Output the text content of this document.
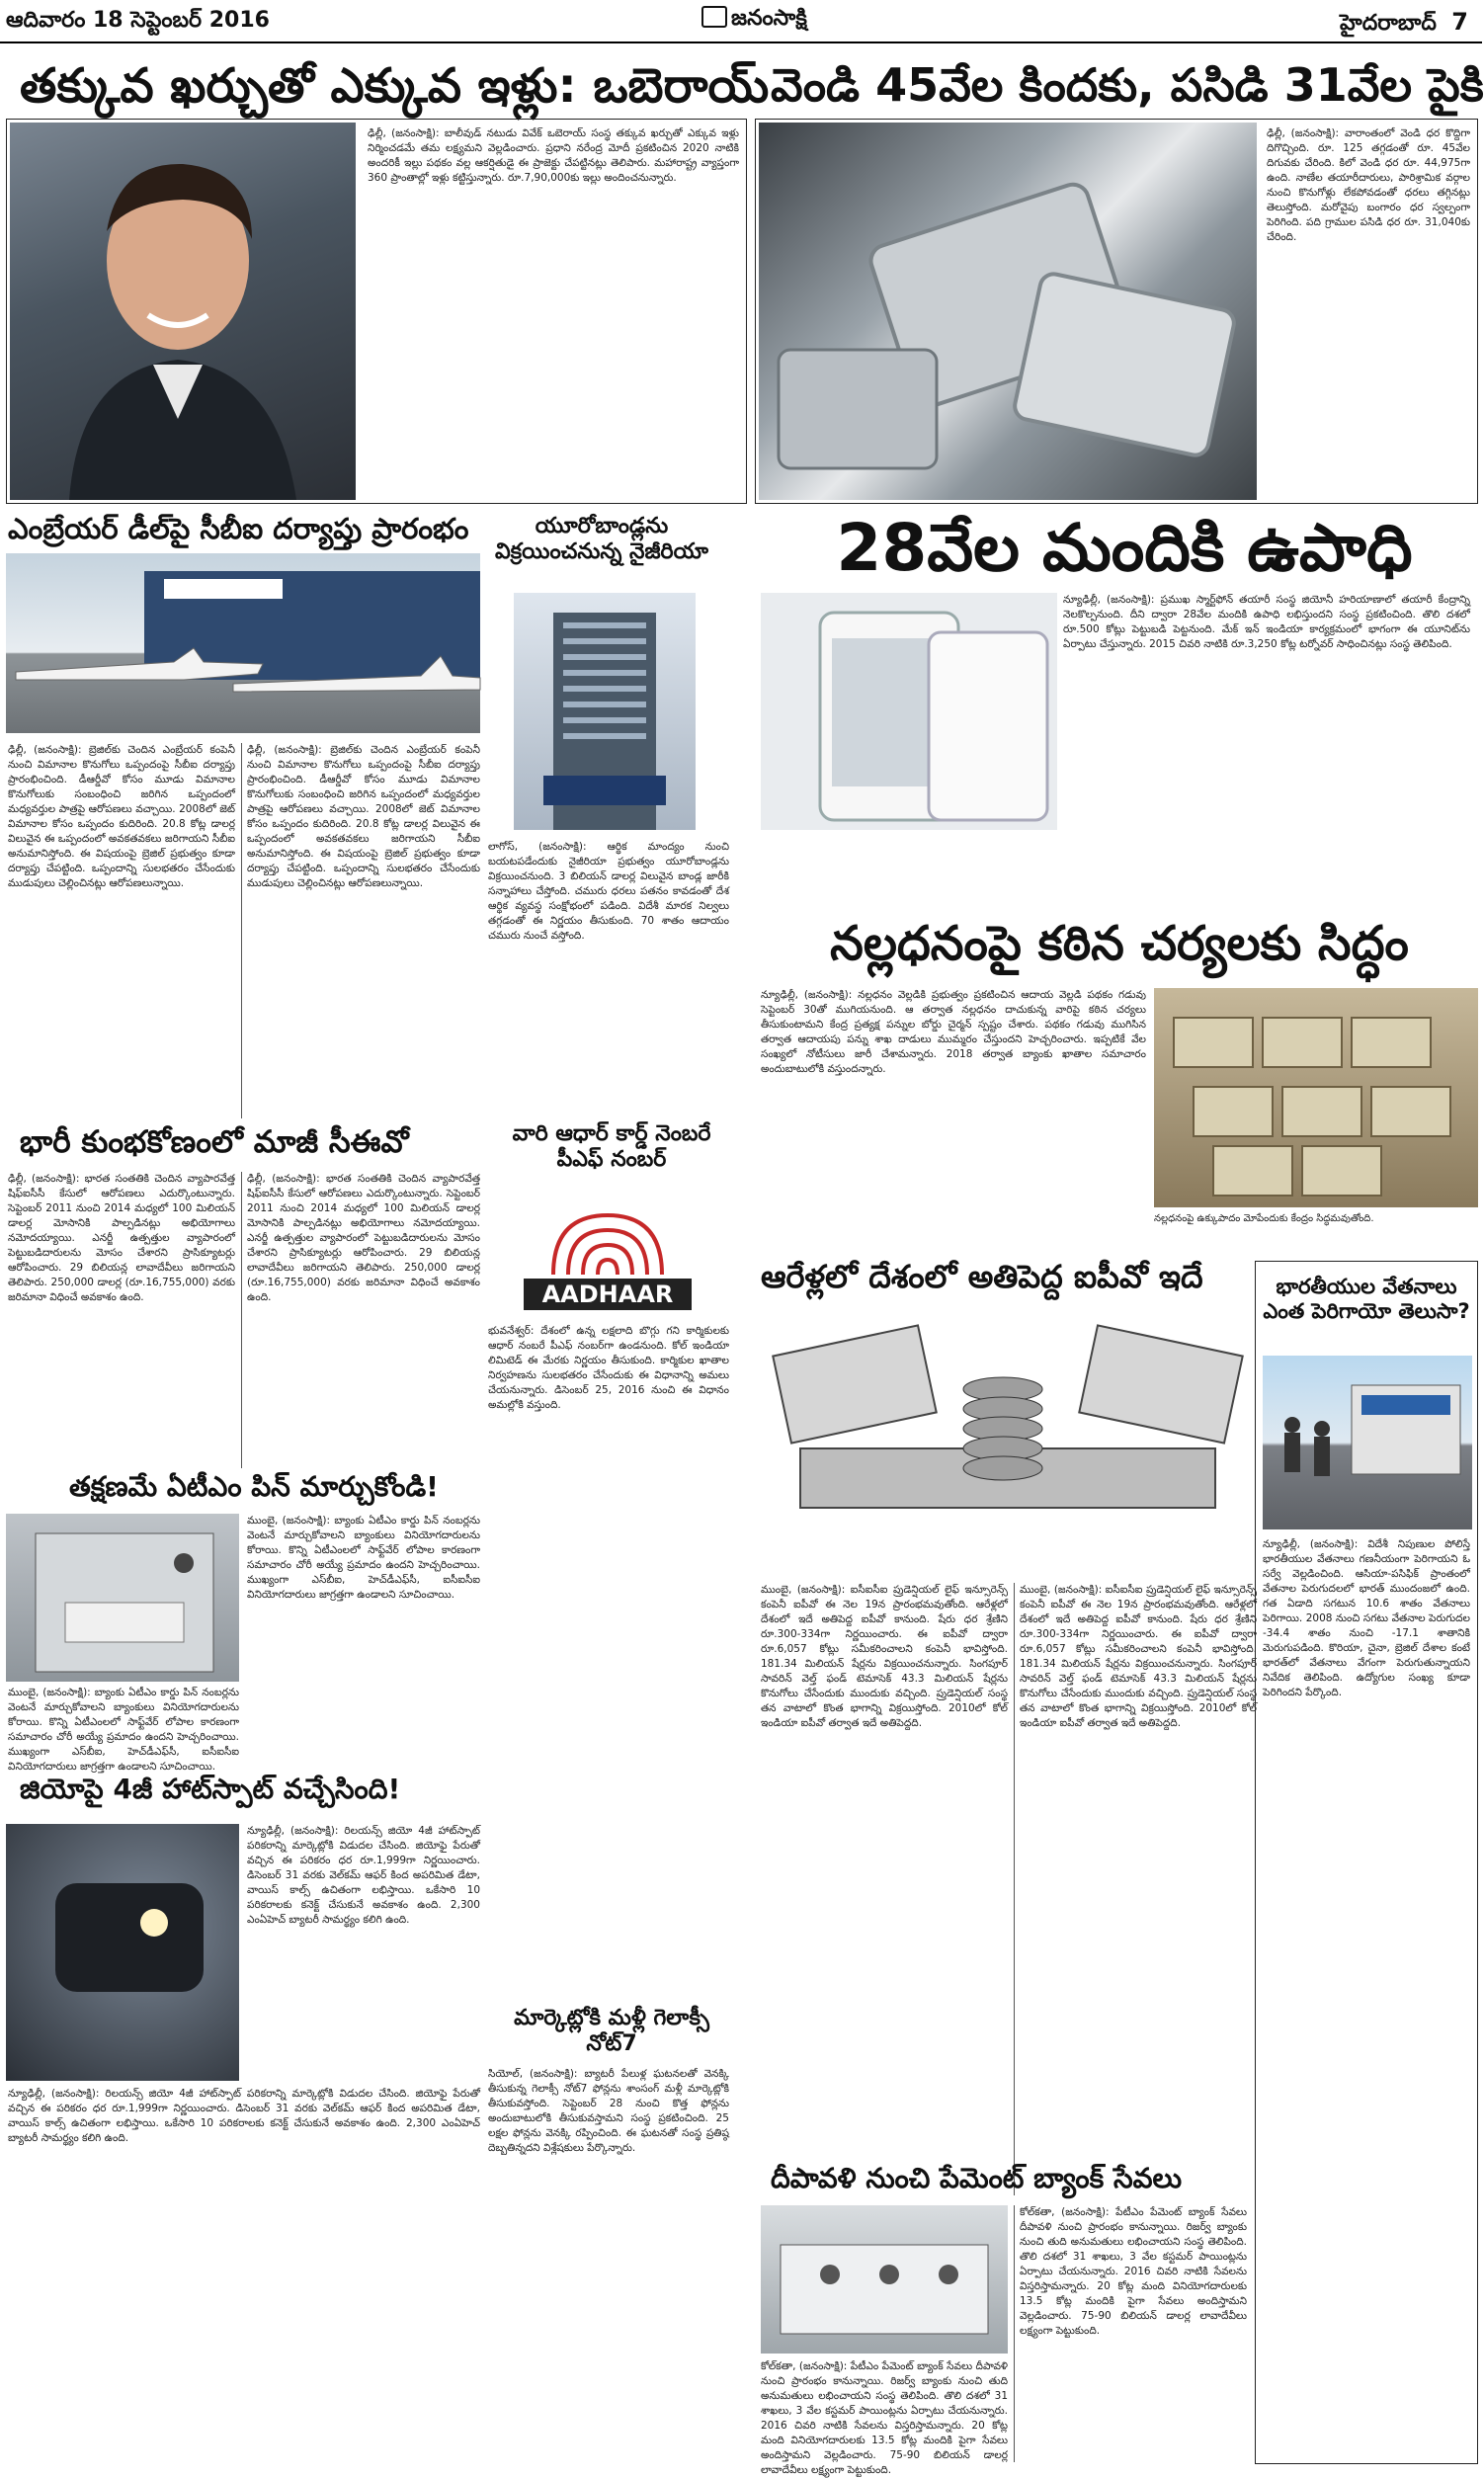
ఆదివారం 18 సెప్టెంబర్ 2016	జనంసాక్షి	హైదరాబాద్ 7
తక్కువ ఖర్చుతో ఎక్కువ ఇళ్లు: ఒబెరాయ్
ఢిల్లీ, (జనంసాక్షి): బాలీవుడ్ నటుడు వివేక్ ఒబెరాయ్ సంస్థ తక్కువ ఖర్చుతో ఎక్కువ ఇళ్లు నిర్మించడమే తమ లక్ష్యమని వెల్లడించారు. ప్రధాని నరేంద్ర మోదీ ప్రకటించిన 2020 నాటికి అందరికీ ఇల్లు పథకం వల్ల ఆకర్షితుడై ఈ ప్రాజెక్టు చేపట్టినట్లు తెలిపారు. మహారాష్ట్ర వ్యాప్తంగా 360 ప్రాంతాల్లో ఇళ్లు కట్టిస్తున్నారు. రూ.7,90,000కు ఇల్లు అందించనున్నారు.
వెండి 45వేల కిందకు, పసిడి 31వేల పైకి
ఢిల్లీ, (జనంసాక్షి): వారాంతంలో వెండి ధర కొద్దిగా దిగొచ్చింది. రూ. 125 తగ్గడంతో రూ. 45వేల దిగువకు చేరింది. కిలో వెండి ధర రూ. 44,975గా ఉంది. నాణేల తయారీదారులు, పారిశ్రామిక వర్గాల నుంచి కొనుగోళ్లు లేకపోవడంతో ధరలు తగ్గినట్లు తెలుస్తోంది. మరోవైపు బంగారం ధర స్వల్పంగా పెరిగింది. పది గ్రాముల పసిడి ధర రూ. 31,040కు చేరింది.
ఎంబ్రేయర్ డీల్‌పై సీబీఐ దర్యాప్తు ప్రారంభం
ఢిల్లీ, (జనంసాక్షి): బ్రెజిల్‌కు చెందిన ఎంబ్రేయర్ కంపెనీ నుంచి విమానాల కొనుగోలు ఒప్పందంపై సీబీఐ దర్యాప్తు ప్రారంభించింది. డీఆర్డీవో కోసం మూడు విమానాల కొనుగోలుకు సంబంధించి జరిగిన ఒప్పందంలో మధ్యవర్తుల పాత్రపై ఆరోపణలు వచ్చాయి. 2008లో జెట్ విమానాల కోసం ఒప్పందం కుదిరింది. 20.8 కోట్ల డాలర్ల విలువైన ఈ ఒప్పందంలో అవకతవకలు జరిగాయని సీబీఐ అనుమానిస్తోంది. ఈ విషయంపై బ్రెజిల్ ప్రభుత్వం కూడా దర్యాప్తు చేపట్టింది. ఒప్పందాన్ని సులభతరం చేసేందుకు ముడుపులు చెల్లించినట్లు ఆరోపణలున్నాయి.
ఢిల్లీ, (జనంసాక్షి): బ్రెజిల్‌కు చెందిన ఎంబ్రేయర్ కంపెనీ నుంచి విమానాల కొనుగోలు ఒప్పందంపై సీబీఐ దర్యాప్తు ప్రారంభించింది. డీఆర్డీవో కోసం మూడు విమానాల కొనుగోలుకు సంబంధించి జరిగిన ఒప్పందంలో మధ్యవర్తుల పాత్రపై ఆరోపణలు వచ్చాయి. 2008లో జెట్ విమానాల కోసం ఒప్పందం కుదిరింది. 20.8 కోట్ల డాలర్ల విలువైన ఈ ఒప్పందంలో అవకతవకలు జరిగాయని సీబీఐ అనుమానిస్తోంది. ఈ విషయంపై బ్రెజిల్ ప్రభుత్వం కూడా దర్యాప్తు చేపట్టింది. ఒప్పందాన్ని సులభతరం చేసేందుకు ముడుపులు చెల్లించినట్లు ఆరోపణలున్నాయి.
యూరోబాండ్లను విక్రయించనున్న నైజీరియా
లాగోస్, (జనంసాక్షి): ఆర్థిక మాంద్యం నుంచి బయటపడేందుకు నైజీరియా ప్రభుత్వం యూరోబాండ్లను విక్రయించనుంది. 3 బిలియన్ డాలర్ల విలువైన బాండ్ల జారీకి సన్నాహాలు చేస్తోంది. చమురు ధరలు పతనం కావడంతో దేశ ఆర్థిక వ్యవస్థ సంక్షోభంలో పడింది. విదేశీ మారక నిల్వలు తగ్గడంతో ఈ నిర్ణయం తీసుకుంది. 70 శాతం ఆదాయం చమురు నుంచే వస్తోంది.
28వేల మందికి ఉపాధి
న్యూఢిల్లీ, (జనంసాక్షి): ప్రముఖ స్మార్ట్‌ఫోన్ తయారీ సంస్థ జియోనీ హరియాణాలో తయారీ కేంద్రాన్ని నెలకొల్పనుంది. దీని ద్వారా 28వేల మందికి ఉపాధి లభిస్తుందని సంస్థ ప్రకటించింది. తొలి దశలో రూ.500 కోట్లు పెట్టుబడి పెట్టనుంది. మేక్ ఇన్ ఇండియా కార్యక్రమంలో భాగంగా ఈ యూనిట్‌ను ఏర్పాటు చేస్తున్నారు. 2015 చివరి నాటికి రూ.3,250 కోట్ల టర్నోవర్ సాధించినట్లు సంస్థ తెలిపింది.
నల్లధనంపై కఠిన చర్యలకు సిద్ధం
న్యూఢిల్లీ, (జనంసాక్షి): నల్లధనం వెల్లడికి ప్రభుత్వం ప్రకటించిన ఆదాయ వెల్లడి పథకం గడువు సెప్టెంబర్ 30తో ముగియనుంది. ఆ తర్వాత నల్లధనం దాచుకున్న వారిపై కఠిన చర్యలు తీసుకుంటామని కేంద్ర ప్రత్యక్ష పన్నుల బోర్డు చైర్మన్ స్పష్టం చేశారు. పథకం గడువు ముగిసిన తర్వాత ఆదాయపు పన్ను శాఖ దాడులు ముమ్మరం చేస్తుందని హెచ్చరించారు. ఇప్పటికే వేల సంఖ్యలో నోటీసులు జారీ చేశామన్నారు. 2018 తర్వాత బ్యాంకు ఖాతాల సమాచారం అందుబాటులోకి వస్తుందన్నారు.
నల్లధనంపై ఉక్కుపాదం మోపేందుకు కేంద్రం సిద్ధమవుతోంది.
భారీ కుంభకోణంలో మాజీ సీఈవో
ఢిల్లీ, (జనంసాక్షి): భారత సంతతికి చెందిన వ్యాపారవేత్త షిఫ్‌ఐసీసీ కేసులో ఆరోపణలు ఎదుర్కొంటున్నారు. సెప్టెంబర్ 2011 నుంచి 2014 మధ్యలో 100 మిలియన్ డాలర్ల మోసానికి పాల్పడినట్లు అభియోగాలు నమోదయ్యాయి. ఎనర్జీ ఉత్పత్తుల వ్యాపారంలో పెట్టుబడిదారులను మోసం చేశారని ప్రాసిక్యూటర్లు ఆరోపించారు. 29 బిలియన్ల లావాదేవీలు జరిగాయని తెలిపారు. 250,000 డాలర్ల (రూ.16,755,000) వరకు జరిమానా విధించే అవకాశం ఉంది.
ఢిల్లీ, (జనంసాక్షి): భారత సంతతికి చెందిన వ్యాపారవేత్త షిఫ్‌ఐసీసీ కేసులో ఆరోపణలు ఎదుర్కొంటున్నారు. సెప్టెంబర్ 2011 నుంచి 2014 మధ్యలో 100 మిలియన్ డాలర్ల మోసానికి పాల్పడినట్లు అభియోగాలు నమోదయ్యాయి. ఎనర్జీ ఉత్పత్తుల వ్యాపారంలో పెట్టుబడిదారులను మోసం చేశారని ప్రాసిక్యూటర్లు ఆరోపించారు. 29 బిలియన్ల లావాదేవీలు జరిగాయని తెలిపారు. 250,000 డాలర్ల (రూ.16,755,000) వరకు జరిమానా విధించే అవకాశం ఉంది.
వారి ఆధార్ కార్డ్ నెంబరే పీఎఫ్ నంబర్
AADHAAR
భువనేశ్వర్: దేశంలో ఉన్న లక్షలాది బొగ్గు గని కార్మికులకు ఆధార్ నంబరే పీఎఫ్ నంబర్‌గా ఉండనుంది. కోల్ ఇండియా లిమిటెడ్ ఈ మేరకు నిర్ణయం తీసుకుంది. కార్మికుల ఖాతాల నిర్వహణను సులభతరం చేసేందుకు ఈ విధానాన్ని అమలు చేయనున్నారు. డిసెంబర్ 25, 2016 నుంచి ఈ విధానం అమల్లోకి వస్తుంది.
ఆరేళ్లలో దేశంలో అతిపెద్ద ఐపీవో ఇదే
ముంబై, (జనంసాక్షి): ఐసీఐసీఐ ప్రుడెన్షియల్ లైఫ్ ఇన్సూరెన్స్ కంపెనీ ఐపీవో ఈ నెల 19న ప్రారంభమవుతోంది. ఆరేళ్లలో దేశంలో ఇదే అతిపెద్ద ఐపీవో కానుంది. షేరు ధర శ్రేణిని రూ.300-334గా నిర్ణయించారు. ఈ ఐపీవో ద్వారా రూ.6,057 కోట్లు సమీకరించాలని కంపెనీ భావిస్తోంది. 181.34 మిలియన్ షేర్లను విక్రయించనున్నారు. సింగపూర్ సావరిన్ వెల్త్ ఫండ్ టెమాసెక్ 43.3 మిలియన్ షేర్లను కొనుగోలు చేసేందుకు ముందుకు వచ్చింది. ప్రుడెన్షియల్ సంస్థ తన వాటాలో కొంత భాగాన్ని విక్రయిస్తోంది. 2010లో కోల్ ఇండియా ఐపీవో తర్వాత ఇదే అతిపెద్దది.
ముంబై, (జనంసాక్షి): ఐసీఐసీఐ ప్రుడెన్షియల్ లైఫ్ ఇన్సూరెన్స్ కంపెనీ ఐపీవో ఈ నెల 19న ప్రారంభమవుతోంది. ఆరేళ్లలో దేశంలో ఇదే అతిపెద్ద ఐపీవో కానుంది. షేరు ధర శ్రేణిని రూ.300-334గా నిర్ణయించారు. ఈ ఐపీవో ద్వారా రూ.6,057 కోట్లు సమీకరించాలని కంపెనీ భావిస్తోంది. 181.34 మిలియన్ షేర్లను విక్రయించనున్నారు. సింగపూర్ సావరిన్ వెల్త్ ఫండ్ టెమాసెక్ 43.3 మిలియన్ షేర్లను కొనుగోలు చేసేందుకు ముందుకు వచ్చింది. ప్రుడెన్షియల్ సంస్థ తన వాటాలో కొంత భాగాన్ని విక్రయిస్తోంది. 2010లో కోల్ ఇండియా ఐపీవో తర్వాత ఇదే అతిపెద్దది.
భారతీయుల వేతనాలు ఎంత పెరిగాయో తెలుసా?
న్యూఢిల్లీ, (జనంసాక్షి): విదేశీ నిపుణుల పోలిస్తే భారతీయుల వేతనాలు గణనీయంగా పెరిగాయని ఓ సర్వే వెల్లడించింది. ఆసియా-పసిఫిక్ ప్రాంతంలో వేతనాల పెరుగుదలలో భారత్ ముందంజలో ఉంది. గత ఏడాది సగటున 10.6 శాతం వేతనాలు పెరిగాయి. 2008 నుంచి సగటు వేతనాల పెరుగుదల -34.4 శాతం నుంచి -17.1 శాతానికి మెరుగుపడింది. కొరియా, చైనా, బ్రెజిల్ దేశాల కంటే భారత్‌లో వేతనాలు వేగంగా పెరుగుతున్నాయని నివేదిక తెలిపింది. ఉద్యోగుల సంఖ్య కూడా పెరిగిందని పేర్కొంది.
తక్షణమే ఏటీఎం పిన్ మార్చుకోండి!
ముంబై, (జనంసాక్షి): బ్యాంకు ఏటీఎం కార్డు పిన్ నంబర్లను వెంటనే మార్చుకోవాలని బ్యాంకులు వినియోగదారులను కోరాయి. కొన్ని ఏటీఎంలలో సాఫ్ట్‌వేర్ లోపాల కారణంగా సమాచారం చోరీ అయ్యే ప్రమాదం ఉందని హెచ్చరించాయి. ముఖ్యంగా ఎస్‌బీఐ, హెచ్‌డీఎఫ్‌సీ, ఐసీఐసీఐ వినియోగదారులు జాగ్రత్తగా ఉండాలని సూచించాయి.
ముంబై, (జనంసాక్షి): బ్యాంకు ఏటీఎం కార్డు పిన్ నంబర్లను వెంటనే మార్చుకోవాలని బ్యాంకులు వినియోగదారులను కోరాయి. కొన్ని ఏటీఎంలలో సాఫ్ట్‌వేర్ లోపాల కారణంగా సమాచారం చోరీ అయ్యే ప్రమాదం ఉందని హెచ్చరించాయి. ముఖ్యంగా ఎస్‌బీఐ, హెచ్‌డీఎఫ్‌సీ, ఐసీఐసీఐ వినియోగదారులు జాగ్రత్తగా ఉండాలని సూచించాయి.
జియోపై 4జీ హాట్‌స్పాట్ వచ్చేసింది!
న్యూఢిల్లీ, (జనంసాక్షి): రిలయన్స్ జియో 4జీ హాట్‌స్పాట్ పరికరాన్ని మార్కెట్లోకి విడుదల చేసింది. జియోఫై పేరుతో వచ్చిన ఈ పరికరం ధర రూ.1,999గా నిర్ణయించారు. డిసెంబర్ 31 వరకు వెల్‌కమ్ ఆఫర్ కింద అపరిమిత డేటా, వాయిస్ కాల్స్ ఉచితంగా లభిస్తాయి. ఒకేసారి 10 పరికరాలకు కనెక్ట్ చేసుకునే అవకాశం ఉంది. 2,300 ఎంఏహెచ్ బ్యాటరీ సామర్థ్యం కలిగి ఉంది.
న్యూఢిల్లీ, (జనంసాక్షి): రిలయన్స్ జియో 4జీ హాట్‌స్పాట్ పరికరాన్ని మార్కెట్లోకి విడుదల చేసింది. జియోఫై పేరుతో వచ్చిన ఈ పరికరం ధర రూ.1,999గా నిర్ణయించారు. డిసెంబర్ 31 వరకు వెల్‌కమ్ ఆఫర్ కింద అపరిమిత డేటా, వాయిస్ కాల్స్ ఉచితంగా లభిస్తాయి. ఒకేసారి 10 పరికరాలకు కనెక్ట్ చేసుకునే అవకాశం ఉంది. 2,300 ఎంఏహెచ్ బ్యాటరీ సామర్థ్యం కలిగి ఉంది.
మార్కెట్లోకి మళ్లీ గెలాక్సీ నోట్7
సియోల్, (జనంసాక్షి): బ్యాటరీ పేలుళ్ల ఘటనలతో వెనక్కి తీసుకున్న గెలాక్సీ నోట్7 ఫోన్లను శాంసంగ్ మళ్లీ మార్కెట్లోకి తీసుకువస్తోంది. సెప్టెంబర్ 28 నుంచి కొత్త ఫోన్లను అందుబాటులోకి తీసుకువస్తామని సంస్థ ప్రకటించింది. 25 లక్షల ఫోన్లను వెనక్కి రప్పించింది. ఈ ఘటనతో సంస్థ ప్రతిష్ఠ దెబ్బతిన్నదని విశ్లేషకులు పేర్కొన్నారు.
దీపావళి నుంచి పేమెంట్ బ్యాంక్ సేవలు
కోల్‌కతా, (జనంసాక్షి): పేటీఎం పేమెంట్ బ్యాంక్ సేవలు దీపావళి నుంచి ప్రారంభం కానున్నాయి. రిజర్వ్ బ్యాంకు నుంచి తుది అనుమతులు లభించాయని సంస్థ తెలిపింది. తొలి దశలో 31 శాఖలు, 3 వేల కస్టమర్ పాయింట్లను ఏర్పాటు చేయనున్నారు. 2016 చివరి నాటికి సేవలను విస్తరిస్తామన్నారు. 20 కోట్ల మంది వినియోగదారులకు 13.5 కోట్ల మందికి పైగా సేవలు అందిస్తామని వెల్లడించారు. 75-90 బిలియన్ డాలర్ల లావాదేవీలు లక్ష్యంగా పెట్టుకుంది.
కోల్‌కతా, (జనంసాక్షి): పేటీఎం పేమెంట్ బ్యాంక్ సేవలు దీపావళి నుంచి ప్రారంభం కానున్నాయి. రిజర్వ్ బ్యాంకు నుంచి తుది అనుమతులు లభించాయని సంస్థ తెలిపింది. తొలి దశలో 31 శాఖలు, 3 వేల కస్టమర్ పాయింట్లను ఏర్పాటు చేయనున్నారు. 2016 చివరి నాటికి సేవలను విస్తరిస్తామన్నారు. 20 కోట్ల మంది వినియోగదారులకు 13.5 కోట్ల మందికి పైగా సేవలు అందిస్తామని వెల్లడించారు. 75-90 బిలియన్ డాలర్ల లావాదేవీలు లక్ష్యంగా పెట్టుకుంది.
